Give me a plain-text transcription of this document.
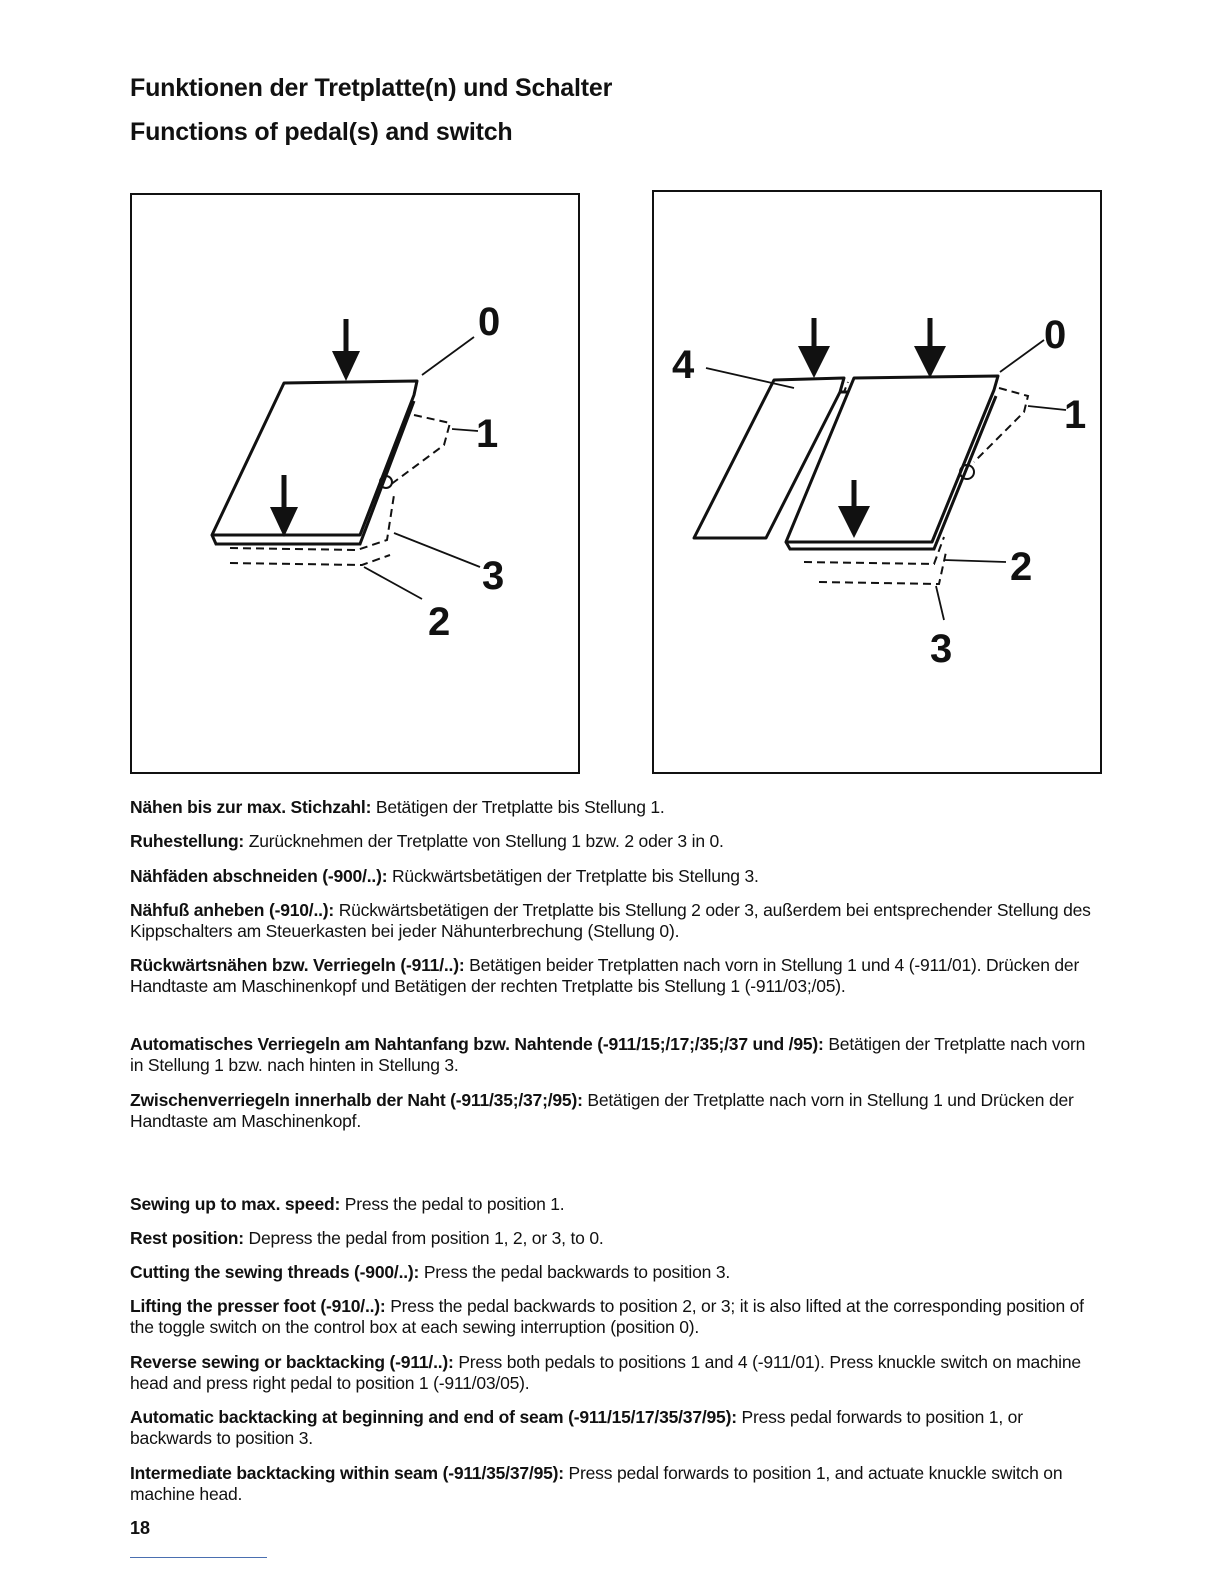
Funktionen der Tretplatte(n) und Schalter
Functions of pedal(s) and switch
0
1
3
2
4
0
1
2
3
Nähen bis zur max. Stichzahl: Betätigen der Tretplatte bis Stellung 1.
Ruhestellung: Zurücknehmen der Tretplatte von Stellung 1 bzw. 2 oder 3 in 0.
Nähfäden abschneiden (-900/..): Rückwärtsbetätigen der Tretplatte bis Stellung 3.
Nähfuß anheben (-910/..): Rückwärtsbetätigen der Tretplatte bis Stellung 2 oder 3, außerdem bei entsprechender Stellung des Kippschalters am Steuerkasten bei jeder Nähunterbrechung (Stellung 0).
Rückwärtsnähen bzw. Verriegeln (-911/..): Betätigen beider Tretplatten nach vorn in Stellung 1 und 4 (-911/01). Drücken der Handtaste am Maschinenkopf und Betätigen der rechten Tretplatte bis Stellung 1 (-911/03;/05).
Automatisches Verriegeln am Nahtanfang bzw. Nahtende (-911/15;/17;/35;/37 und /95): Betätigen der Tretplatte nach vorn in Stellung 1 bzw. nach hinten in Stellung 3.
Zwischenverriegeln innerhalb der Naht (-911/35;/37;/95): Betätigen der Tretplatte nach vorn in Stellung 1 und Drücken der Handtaste am Maschinenkopf.
Sewing up to max. speed: Press the pedal to position 1.
Rest position: Depress the pedal from position 1, 2, or 3, to 0.
Cutting the sewing threads (-900/..): Press the pedal backwards to position 3.
Lifting the presser foot (-910/..): Press the pedal backwards to position 2, or 3; it is also lifted at the corresponding position of the toggle switch on the control box at each sewing interruption (position 0).
Reverse sewing or backtacking (-911/..): Press both pedals to positions 1 and 4 (-911/01). Press knuckle switch on machine head and press right pedal to position 1 (-911/03/05).
Automatic backtacking at beginning and end of seam (-911/15/17/35/37/95): Press pedal forwards to position 1, or backwards to position 3.
Intermediate backtacking within seam (-911/35/37/95): Press pedal forwards to position 1, and actuate knuckle switch on machine head.
18
